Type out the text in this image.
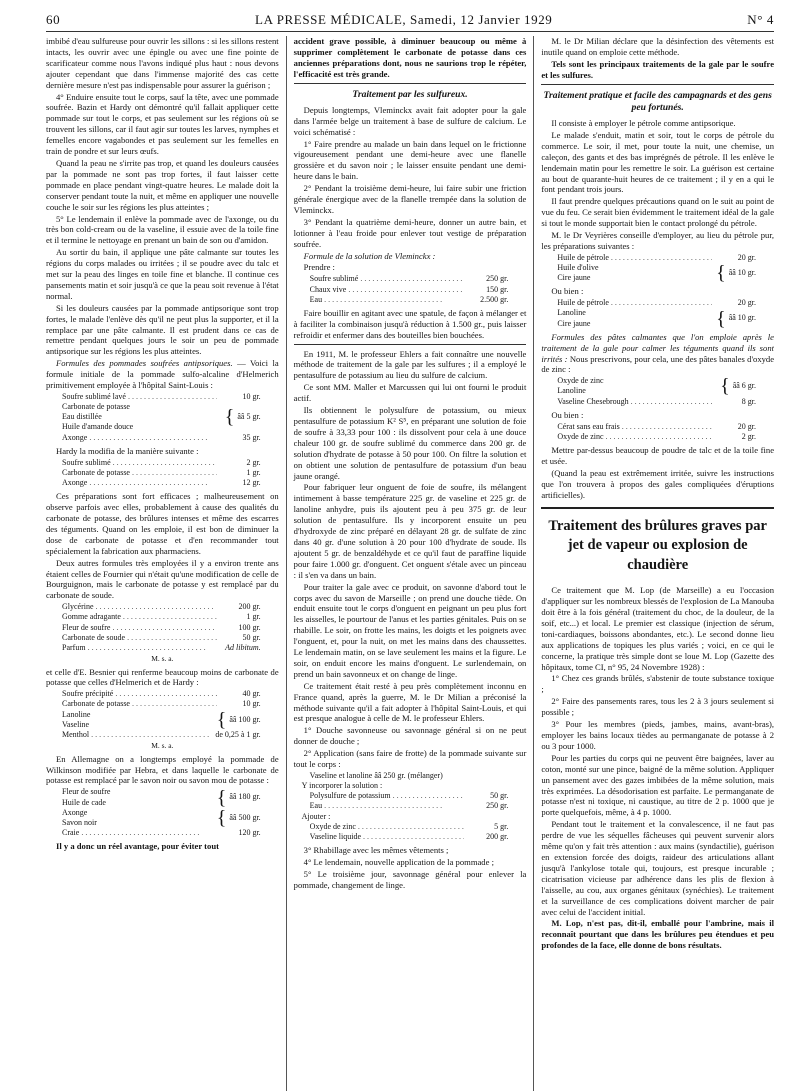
60	LA PRESSE MÉDICALE, Samedi, 12 Janvier 1929	N° 4

imbibé d'eau sulfureuse pour ouvrir les sillons : si les sillons restent intacts, les ouvrir avec une épingle ou avec une fine pointe de scarificateur comme nous l'avons indiqué plus haut : nous devons ajouter cependant que dans l'immense majorité des cas cette dernière mesure n'est pas indispensable pour assurer la guérison ;

4° Enduire ensuite tout le corps, sauf la tête, avec une pommade soufrée. Bazin et Hardy ont démontré qu'il fallait appliquer cette pommade sur tout le corps, et pas seulement sur les régions où se trouvent les sillons, car il faut agir sur toutes les larves, nymphes et femelles encore vagabondes et pas seulement sur les femelles en train de pondre et sur leurs œufs.

Quand la peau ne s'irrite pas trop, et quand les douleurs causées par la pommade ne sont pas trop fortes, il faut laisser cette pommade en place pendant vingt-quatre heures. Le malade doit la conserver pendant toute la nuit, et même en appliquer une nouvelle couche le soir sur les régions les plus atteintes ;

5° Le lendemain il enlève la pommade avec de l'axonge, ou du très bon cold-cream ou de la vaseline, il essuie avec de la toile fine et il termine le nettoyage en prenant un bain de son ou d'amidon.

Au sortir du bain, il applique une pâte calmante sur toutes les régions du corps malades ou irritées ; il se poudre avec du talc et met sur la peau des linges en toile fine et blanche. Il continue ces pansements matin et soir jusqu'à ce que la peau soit revenue à l'état normal.

Si les douleurs causées par la pommade antipsorique sont trop fortes, le malade l'enlève dès qu'il ne peut plus la supporter, et il la remplace par une pâte calmante. Il est prudent dans ce cas de remettre pendant quelques jours le soir un peu de pommade antipsorique sur les régions les plus atteintes.

Formules des pommades soufrées antipsoriques. — Voici la formule initiale de la pommade sulfo-alcaline d'Helmerich primitivement employée à l'hôpital Saint-Louis :

Soufre sublimé lavé . . .	10 gr.
Carbonate de potasse
Eau distillée
Huile d'amande douce	{ ââ 5 gr.
Axonge . . .	35 gr.

Hardy la modifia de la manière suivante :

Soufre sublimé . . .	2 gr.
Carbonate de potasse . . .	1 gr.
Axonge . . .	12 gr.

Ces préparations sont fort efficaces ; malheureusement on observe parfois avec elles, probablement à cause des qualités du carbonate de potasse, des brûlures intenses et même des escarres des téguments. Quand on les emploie, il est bon de diminuer la dose de carbonate de potasse et d'en recommander tout spécialement la fabrication aux pharmaciens.

Deux autres formules très employées il y a environ trente ans étaient celles de Fournier qui n'était qu'une modification de celle de Bourguignon, mais le carbonate de potasse y est remplacé par du carbonate de soude.

Glycérine . . .	200 gr.
Gomme adragante . . .	1 gr.
Fleur de soufre . . .	100 gr.
Carbonate de soude . . .	50 gr.
Parfum . . .	Ad libitum.
M. s. a.

et celle d'E. Besnier qui renferme beaucoup moins de carbonate de potasse que celles d'Helmerich et de Hardy :

Soufre précipité . . .	40 gr.
Carbonate de potasse . . .	10 gr.
Lanoline
Vaseline	{ ââ 100 gr.
Menthol . . .	de 0,25 à 1 gr.
M. s. a.

En Allemagne on a longtemps employé la pommade de Wilkinson modifiée par Hebra, et dans laquelle le carbonate de potasse est remplacé par le savon noir ou savon mou de potasse :

Fleur de soufre
Huile de cade	{ ââ 180 gr.
Axonge
Savon noir	{ ââ 500 gr.
Craie . . .	120 gr.

Il y a donc un réel avantage, pour éviter tout

accident grave possible, à diminuer beaucoup ou même à supprimer complètement le carbonate de potasse dans ces anciennes préparations dont, nous ne saurions trop le répéter, l'efficacité est très grande.

Traitement par les sulfureux.

Depuis longtemps, Vleminckx avait fait adopter pour la gale dans l'armée belge un traitement à base de sulfure de calcium. Le voici schématisé :

1° Faire prendre au malade un bain dans lequel on le frictionne vigoureusement pendant une demi-heure avec une flanelle grossière et du savon noir ; le laisser ensuite pendant une demi-heure dans le bain.

2° Pendant la troisième demi-heure, lui faire subir une friction générale énergique avec de la flanelle trempée dans la solution de Vleminckx.

3° Pendant la quatrième demi-heure, donner un autre bain, et lotionner à l'eau froide pour enlever tout vestige de préparation soufrée.

Formule de la solution de Vleminckx :

Prendre :

Soufre sublimé . . .	250 gr.
Chaux vive . . .	150 gr.
Eau . . .	2.500 gr.

Faire bouillir en agitant avec une spatule, de façon à mélanger et à faciliter la combinaison jusqu'à réduction à 1.500 gr., puis laisser refroidir et enfermer dans des bouteilles bien bouchées.

En 1911, M. le professeur Ehlers a fait connaître une nouvelle méthode de traitement de la gale par les sulfures ; il a employé le pentasulfure de potassium au lieu du sulfure de calcium.

Ce sont MM. Maller et Marcussen qui lui ont fourni le produit actif.

Ils obtiennent le polysulfure de potassium, ou mieux pentasulfure de potassium K² S⁵, en préparant une solution de foie de soufre à 33,33 pour 100 : ils dissolvent pour cela à une douce chaleur 100 gr. de soufre sublimé du commerce dans 200 gr. de solution d'hydrate de potasse à 50 pour 100. On filtre la solution et on obtient une solution de pentasulfure de potassium d'un beau jaune orangé.

Pour fabriquer leur onguent de foie de soufre, ils mélangent intimement à basse température 225 gr. de vaseline et 225 gr. de lanoline anhydre, puis ils ajoutent peu à peu 375 gr. de leur solution de pentasulfure. Ils y incorporent ensuite un peu d'hydroxyde de zinc préparé en délayant 28 gr. de sulfate de zinc dans 40 gr. d'une solution à 20 pour 100 d'hydrate de soude. Ils ajoutent 5 gr. de benzaldéhyde et ce qu'il faut de paraffine liquide pour faire 1.000 gr. d'onguent. Cet onguent s'étale avec un pinceau : il s'en va dans un bain.

Pour traiter la gale avec ce produit, on savonne d'abord tout le corps avec du savon de Marseille ; on prend une douche tiède. On enduit ensuite tout le corps d'onguent en peignant un peu plus fort les aisselles, le pourtour de l'anus et les parties génitales. Puis on se rhabille. Le soir, on frotte les mains, les doigts et les poignets avec l'onguent, et, pour la nuit, on met les mains dans des chaussettes. Le lendemain matin, on se lave seulement les mains et la figure. Le soir, on enduit encore les mains d'onguent. Le surlendemain, on prend un bain savonneux et on change de linge.

Ce traitement était resté à peu près complètement inconnu en France quand, après la guerre, M. le Dr Milian a préconisé la méthode suivante qu'il a fait adopter à l'hôpital Saint-Louis, et qui est presque analogue à celle de M. le professeur Ehlers.

1° Douche savonneuse ou savonnage général si on ne peut donner de douche ;

2° Application (sans faire de frotte) de la pommade suivante sur tout le corps :

Vaseline et lanoline ââ 250 gr. (mélanger)
Y incorporer la solution :
Polysulfure de potassium . . .	50 gr.
Eau . . .	250 gr.
Ajouter :
Oxyde de zinc . . .	5 gr.
Vaseline liquide . . .	200 gr.

3° Rhabillage avec les mêmes vêtements ;

4° Le lendemain, nouvelle application de la pommade ;

5° Le troisième jour, savonnage général pour enlever la pommade, changement de linge.

M. le Dr Milian déclare que la désinfection des vêtements est inutile quand on emploie cette méthode.

Tels sont les principaux traitements de la gale par le soufre et les sulfures.

Traitement pratique et facile des campagnards et des gens peu fortunés.

Il consiste à employer le pétrole comme antipsorique.

Le malade s'enduit, matin et soir, tout le corps de pétrole du commerce. Le soir, il met, pour toute la nuit, une chemise, un caleçon, des gants et des bas imprégnés de pétrole. Il les enlève le lendemain matin pour les remettre le soir. La guérison est certaine au bout de quarante-huit heures de ce traitement ; il y en a qui le font pendant trois jours.

Il faut prendre quelques précautions quand on le suit au point de vue du feu. Ce serait bien évidemment le traitement idéal de la gale si tout le monde supportait bien le contact prolongé du pétrole.

M. le Dr Veyrières conseille d'employer, au lieu du pétrole pur, les préparations suivantes :

Huile de pétrole . . .	20 gr.
Huile d'olive
Cire jaune	{ ââ 10 gr.

Ou bien :

Huile de pétrole . . .	20 gr.
Lanoline
Cire jaune	{ ââ 10 gr.

Formules des pâtes calmantes que l'on emploie après le traitement de la gale pour calmer les téguments quand ils sont irrités : Nous prescrivons, pour cela, une des pâtes banales d'oxyde de zinc :

Oxyde de zinc
Lanoline	{ ââ 6 gr.
Vaseline Chesebrough . . .	8 gr.

Ou bien :

Cérat sans eau frais . . .	20 gr.
Oxyde de zinc . . .	2 gr.

Mettre par-dessus beaucoup de poudre de talc et de la toile fine et usée.

(Quand la peau est extrêmement irritée, suivre les instructions que l'on trouvera à propos des gales compliquées d'éruptions artificielles).

Traitement des brûlures graves par jet de vapeur ou explosion de chaudière

Ce traitement que M. Lop (de Marseille) a eu l'occasion d'appliquer sur les nombreux blessés de l'explosion de La Manouba doit être à la fois général (traitement du choc, de la douleur, de la soif, etc...) et local. Le premier est classique (injection de sérum, toni-cardiaques, boissons abondantes, etc.). Le second donne lieu aux applications de topiques les plus variés ; voici, en ce qui le concerne, la pratique très simple dont se loue M. Lop (Gazette des hôpitaux, tome CI, n° 95, 24 Novembre 1928) :

1° Chez ces grands brûlés, s'abstenir de toute substance toxique ;

2° Faire des pansements rares, tous les 2 à 3 jours seulement si possible ;

3° Pour les membres (pieds, jambes, mains, avant-bras), employer les bains locaux tièdes au permanganate de potasse à 2 ou 3 pour 1000.

Pour les parties du corps qui ne peuvent être baignées, laver au coton, monté sur une pince, baigné de la même solution. Appliquer un pansement avec des gazes imbibées de la même solution, mais très exprimées. La désodorisation est parfaite. Le permanganate de potasse n'est ni toxique, ni caustique, au titre de 2 p. 1000 que je porte quelquefois, même, à 4 p. 1000.

Pendant tout le traitement et la convalescence, il ne faut pas perdre de vue les séquelles fâcheuses qui peuvent survenir alors même qu'on y fait très attention : aux mains (syndactilie), guérison en extension forcée des doigts, raideur des articulations allant jusqu'à l'ankylose totale qui, toujours, est presque incurable ; cicatrisation vicieuse par adhérence dans les plis de flexion à l'aisselle, au cou, aux organes génitaux (synéchies). Le traitement et la surveillance de ces complications doivent marcher de pair avec celui de l'accident initial.

M. Lop, n'est pas, dit-il, emballé pour l'ambrine, mais il reconnaît pourtant que dans les brûlures peu étendues et peu profondes de la face, elle donne de bons résultats.
